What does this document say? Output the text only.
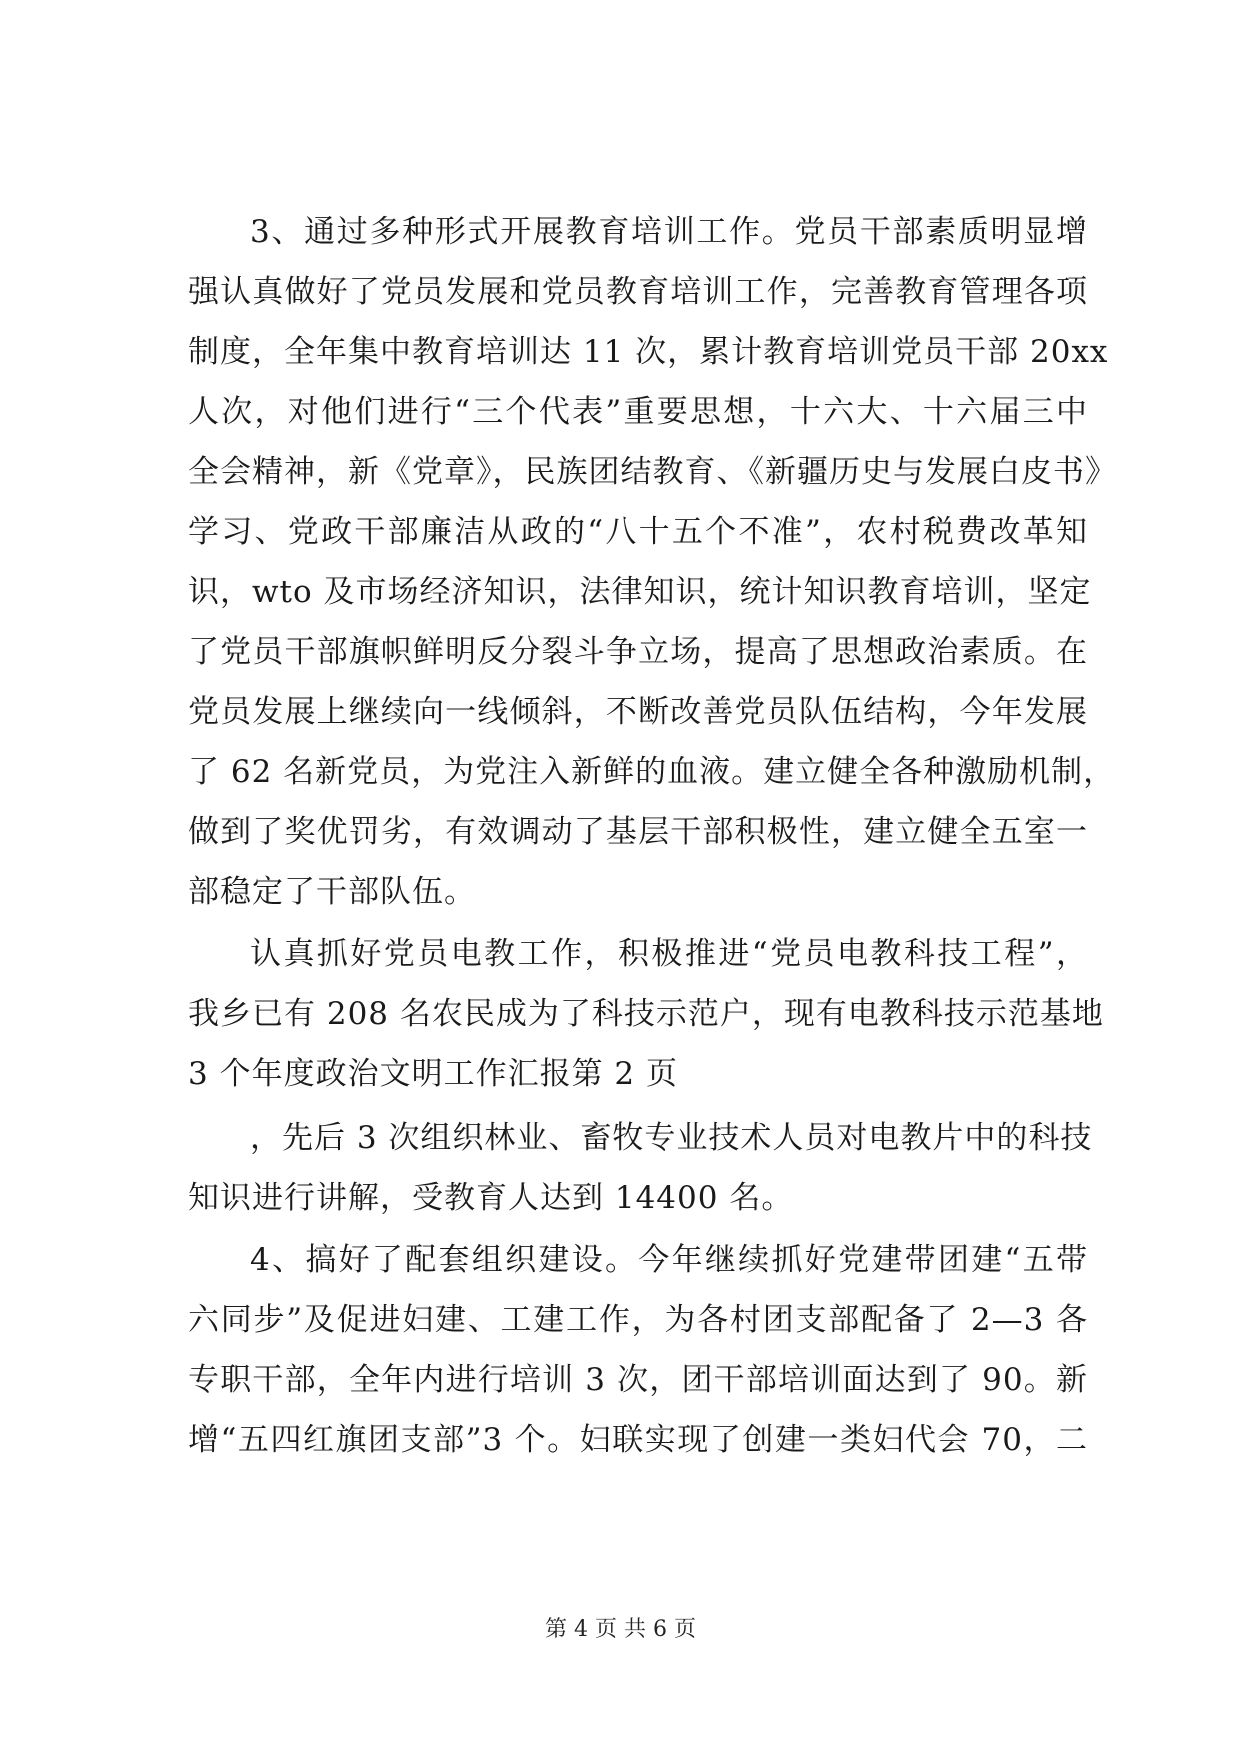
3、通过多种形式开展教育培训工作。党员干部素质明显增
强认真做好了党员发展和党员教育培训工作，完善教育管理各项
制度，全年集中教育培训达 11 次，累计教育培训党员干部 20xx
人次，对他们进行“三个代表”重要思想，十六大、十六届三中
全会精神，新《党章》，民族团结教育、《新疆历史与发展白皮书》
学习、党政干部廉洁从政的“八十五个不准”，农村税费改革知
识，wto 及市场经济知识，法律知识，统计知识教育培训，坚定
了党员干部旗帜鲜明反分裂斗争立场，提高了思想政治素质。在
党员发展上继续向一线倾斜，不断改善党员队伍结构，今年发展
了 62 名新党员，为党注入新鲜的血液。建立健全各种激励机制，
做到了奖优罚劣，有效调动了基层干部积极性，建立健全五室一
部稳定了干部队伍。
认真抓好党员电教工作，积极推进“党员电教科技工程”，
我乡已有 208 名农民成为了科技示范户，现有电教科技示范基地
3 个年度政治文明工作汇报第 2 页
，先后 3 次组织林业、畜牧专业技术人员对电教片中的科技
知识进行讲解，受教育人达到 14400 名。
4、搞好了配套组织建设。今年继续抓好党建带团建“五带
六同步”及促进妇建、工建工作，为各村团支部配备了 2—3 各
专职干部，全年内进行培训 3 次，团干部培训面达到了 90。新
增“五四红旗团支部”3 个。妇联实现了创建一类妇代会 70，二
第 4 页 共 6 页
